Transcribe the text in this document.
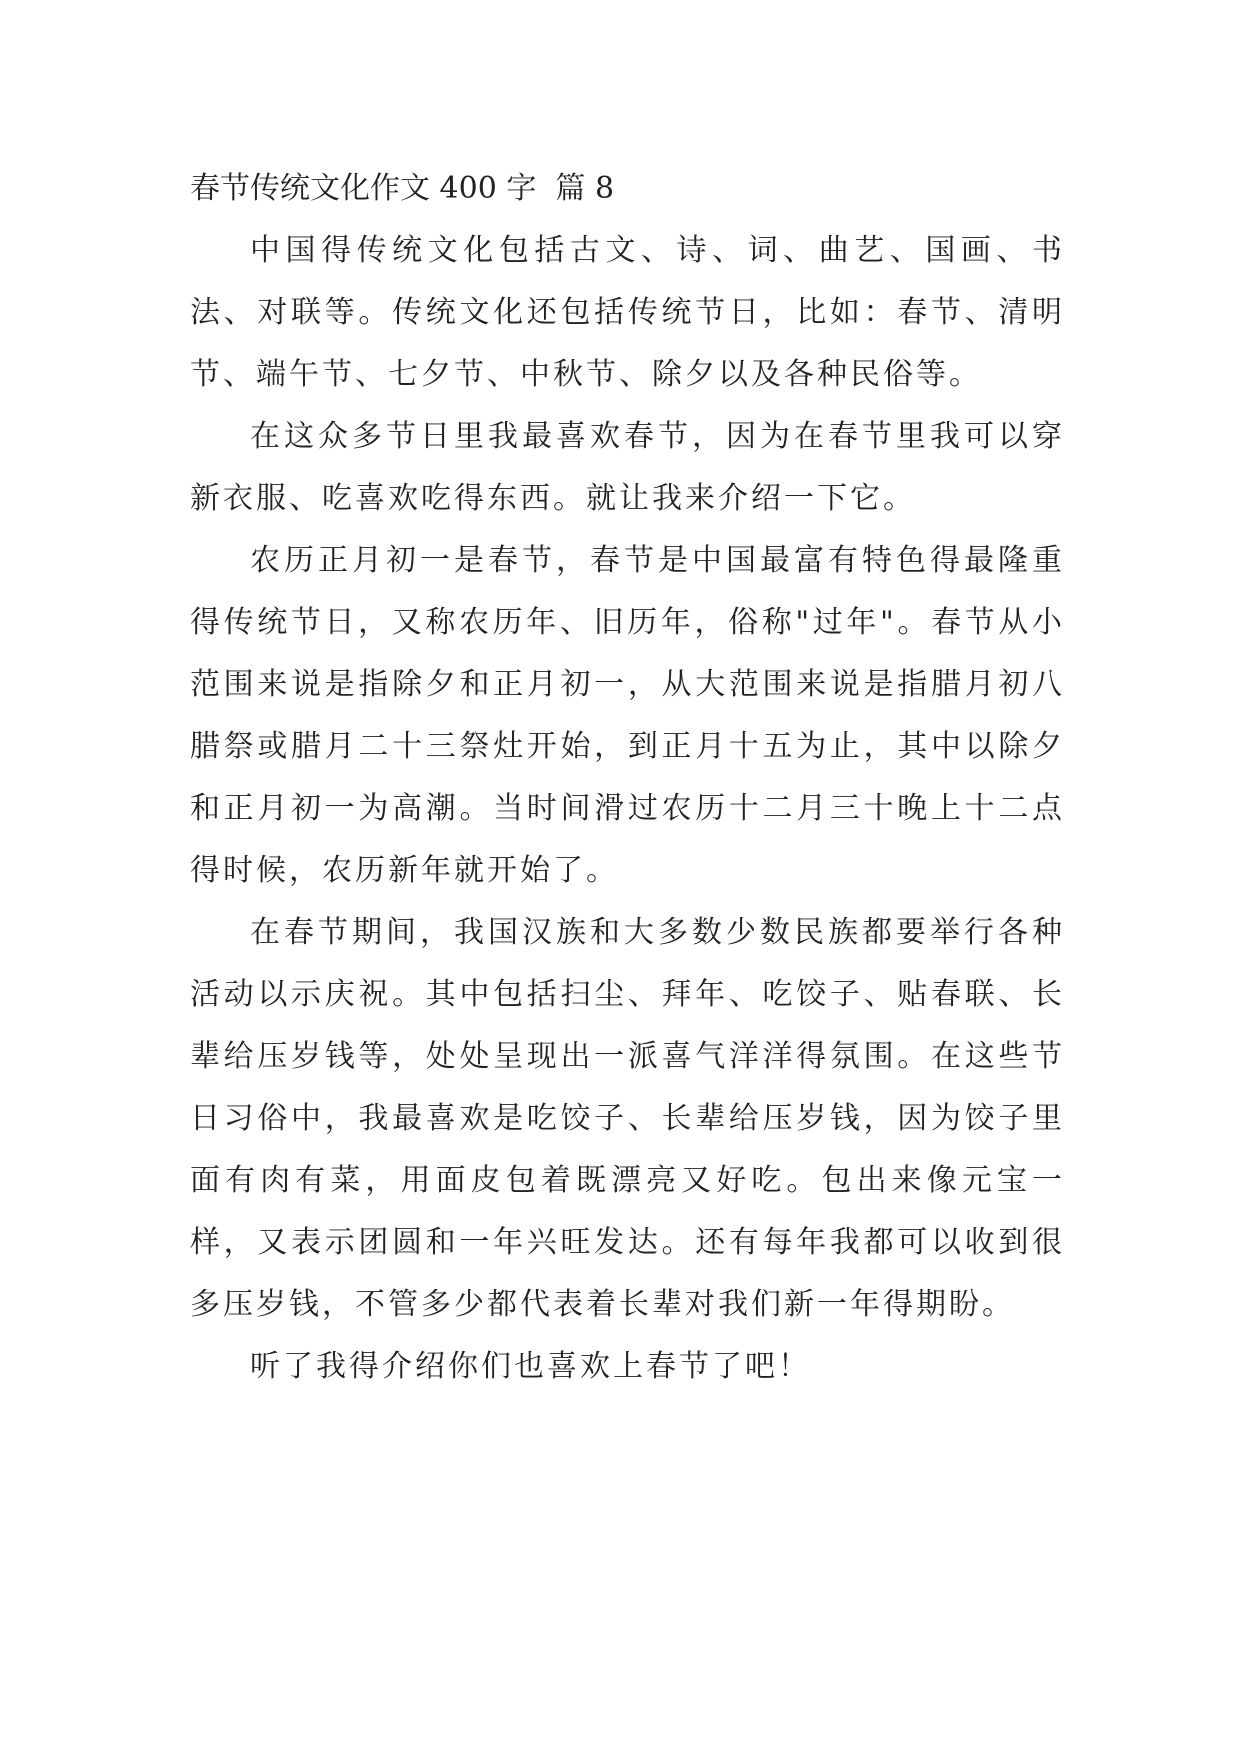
春节传统文化作文 400 字  篇 8

中国得传统文化包括古文、诗、词、曲艺、国画、书法、对联等。传统文化还包括传统节日，比如：春节、清明节、端午节、七夕节、中秋节、除夕以及各种民俗等。

在这众多节日里我最喜欢春节，因为在春节里我可以穿新衣服、吃喜欢吃得东西。就让我来介绍一下它。

农历正月初一是春节，春节是中国最富有特色得最隆重得传统节日，又称农历年、旧历年，俗称"过年"。春节从小范围来说是指除夕和正月初一，从大范围来说是指腊月初八腊祭或腊月二十三祭灶开始，到正月十五为止，其中以除夕和正月初一为高潮。当时间滑过农历十二月三十晚上十二点得时候，农历新年就开始了。

在春节期间，我国汉族和大多数少数民族都要举行各种活动以示庆祝。其中包括扫尘、拜年、吃饺子、贴春联、长辈给压岁钱等，处处呈现出一派喜气洋洋得氛围。在这些节日习俗中，我最喜欢是吃饺子、长辈给压岁钱，因为饺子里面有肉有菜，用面皮包着既漂亮又好吃。包出来像元宝一样，又表示团圆和一年兴旺发达。还有每年我都可以收到很多压岁钱，不管多少都代表着长辈对我们新一年得期盼。

听了我得介绍你们也喜欢上春节了吧！
